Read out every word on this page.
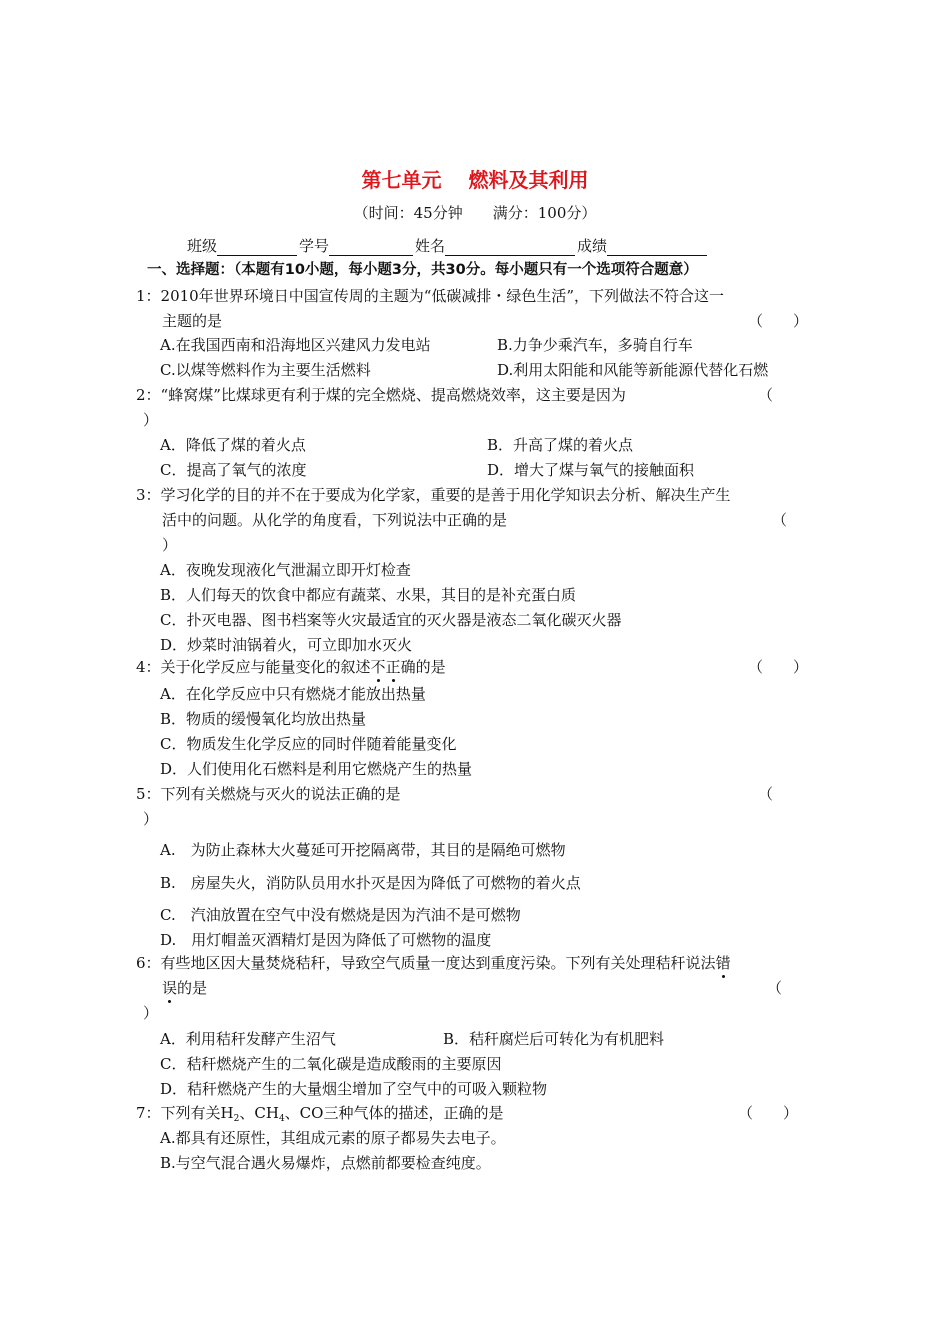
第七单元　 燃料及其利用
（时间：45分钟　　满分：100分）
班级	学号	姓名	成绩
一、选择题：（本题有10小题，每小题3分，共30分。每小题只有一个选项符合题意）
1：2010年世界环境日中国宣传周的主题为“低碳减排・绿色生活”，下列做法不符合这一
主题的是	（　　）
A.在我国西南和沿海地区兴建风力发电站	B.力争少乘汽车，多骑自行车
C.以煤等燃料作为主要生活燃料	D.利用太阳能和风能等新能源代替化石燃
2：“蜂窝煤”比煤球更有利于煤的完全燃烧、提高燃烧效率，这主要是因为	（
）
A．降低了煤的着火点	B．升高了煤的着火点
C．提高了氧气的浓度	D．增大了煤与氧气的接触面积
3：学习化学的目的并不在于要成为化学家，重要的是善于用化学知识去分析、解决生产生
活中的问题。从化学的角度看，下列说法中正确的是	（
）
A．夜晚发现液化气泄漏立即开灯检查
B．人们每天的饮食中都应有蔬菜、水果，其目的是补充蛋白质
C．扑灭电器、图书档案等火灾最适宜的灭火器是液态二氧化碳灭火器
D．炒菜时油锅着火，可立即加水灭火
4：关于化学反应与能量变化的叙述不正确的是	（　　）
A．在化学反应中只有燃烧才能放出热量
B．物质的缓慢氧化均放出热量
C．物质发生化学反应的同时伴随着能量变化
D．人们使用化石燃料是利用它燃烧产生的热量
5：下列有关燃烧与灭火的说法正确的是	（
）
A.　为防止森林大火蔓延可开挖隔离带，其目的是隔绝可燃物
B.　房屋失火，消防队员用水扑灭是因为降低了可燃物的着火点
C.　汽油放置在空气中没有燃烧是因为汽油不是可燃物
D.　用灯帽盖灭酒精灯是因为降低了可燃物的温度
6：有些地区因大量焚烧秸秆，导致空气质量一度达到重度污染。下列有关处理秸秆说法错
误的是	（
）
A．利用秸秆发酵产生沼气	B．秸秆腐烂后可转化为有机肥料
C．秸秆燃烧产生的二氧化碳是造成酸雨的主要原因
D．秸秆燃烧产生的大量烟尘增加了空气中的可吸入颗粒物
7：下列有关$H_2$、$CH_4$、CO三种气体的描述，正确的是	（　　）
A.都具有还原性，其组成元素的原子都易失去电子。
B.与空气混合遇火易爆炸，点燃前都要检查纯度。
